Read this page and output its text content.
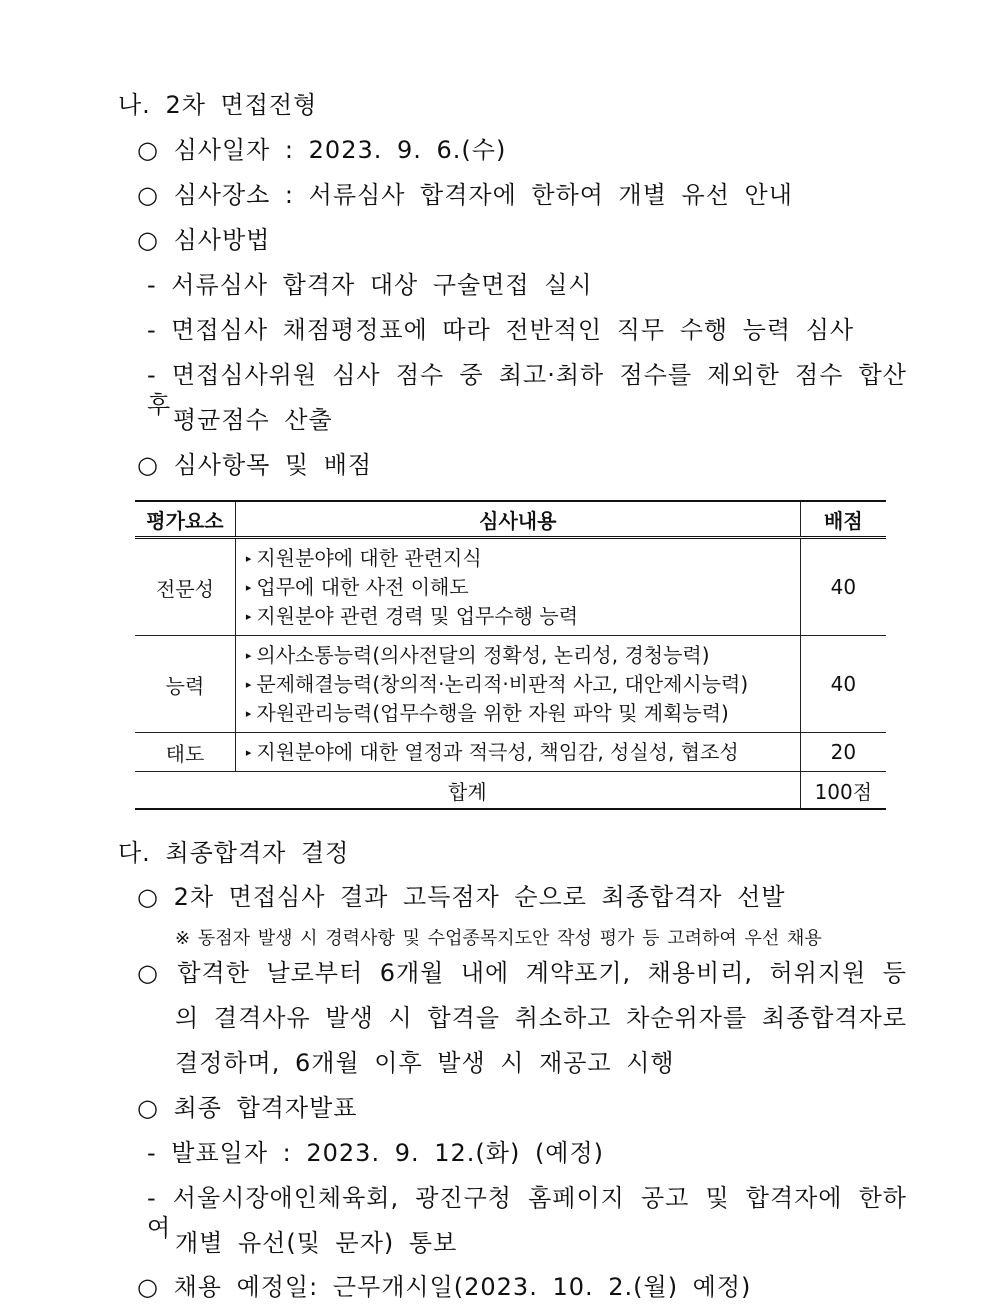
나. 2차 면접전형
○ 심사일자 : 2023. 9. 6.(수)
○ 심사장소 : 서류심사 합격자에 한하여 개별 유선 안내
○ 심사방법
- 서류심사 합격자 대상 구술면접 실시
- 면접심사 채점평정표에 따라 전반적인 직무 수행 능력 심사
- 면접심사위원 심사 점수 중 최고·최하 점수를 제외한 점수 합산 후
평균점수 산출
○ 심사항목 및 배점
평가요소	심사내용	배점
전문성	▸ 지원분야에 대한 관련지식
▸ 업무에 대한 사전 이해도
▸ 지원분야 관련 경력 및 업무수행 능력	40
능력	▸ 의사소통능력(의사전달의 정확성, 논리성, 경청능력)
▸ 문제해결능력(창의적·논리적·비판적 사고, 대안제시능력)
▸ 자원관리능력(업무수행을 위한 자원 파악 및 계획능력)	40
태도	▸ 지원분야에 대한 열정과 적극성, 책임감, 성실성, 협조성	20
합계		100점
다. 최종합격자 결정
○ 2차 면접심사 결과 고득점자 순으로 최종합격자 선발
※ 동점자 발생 시 경력사항 및 수업종목지도안 작성 평가 등 고려하여 우선 채용
○ 합격한 날로부터 6개월 내에 계약포기, 채용비리, 허위지원 등
의 결격사유 발생 시 합격을 취소하고 차순위자를 최종합격자로
결정하며, 6개월 이후 발생 시 재공고 시행
○ 최종 합격자발표
- 발표일자 : 2023. 9. 12.(화) (예정)
- 서울시장애인체육회, 광진구청 홈페이지 공고 및 합격자에 한하여
개별 유선(및 문자) 통보
○ 채용 예정일: 근무개시일(2023. 10. 2.(월) 예정)
